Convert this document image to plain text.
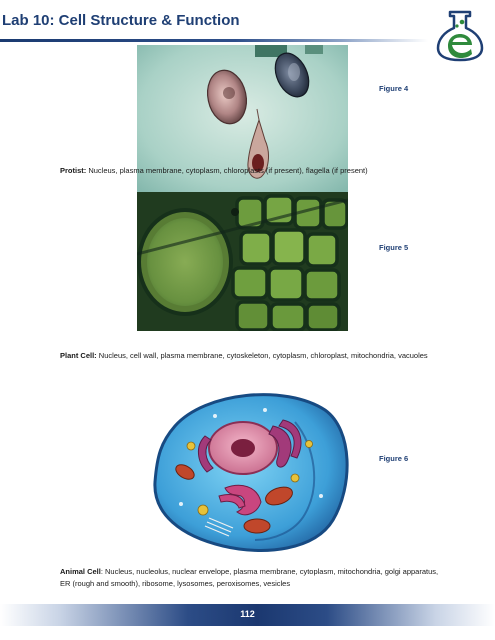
Lab 10: Cell Structure & Function
Figure 4
Protist: Nucleus, plasma membrane, cytoplasm, chloroplasts (if present), flagella (if present)
Figure 5
Plant Cell: Nucleus, cell wall, plasma membrane, cytoskeleton, cytoplasm, chloroplast, mitochondria, vacuoles
Figure 6
Animal Cell: Nucleus, nucleolus, nuclear envelope, plasma membrane, cytoplasm, mitochondria, golgi apparatus, ER (rough and smooth), ribosome, lysosomes, peroxisomes, vesicles
112
